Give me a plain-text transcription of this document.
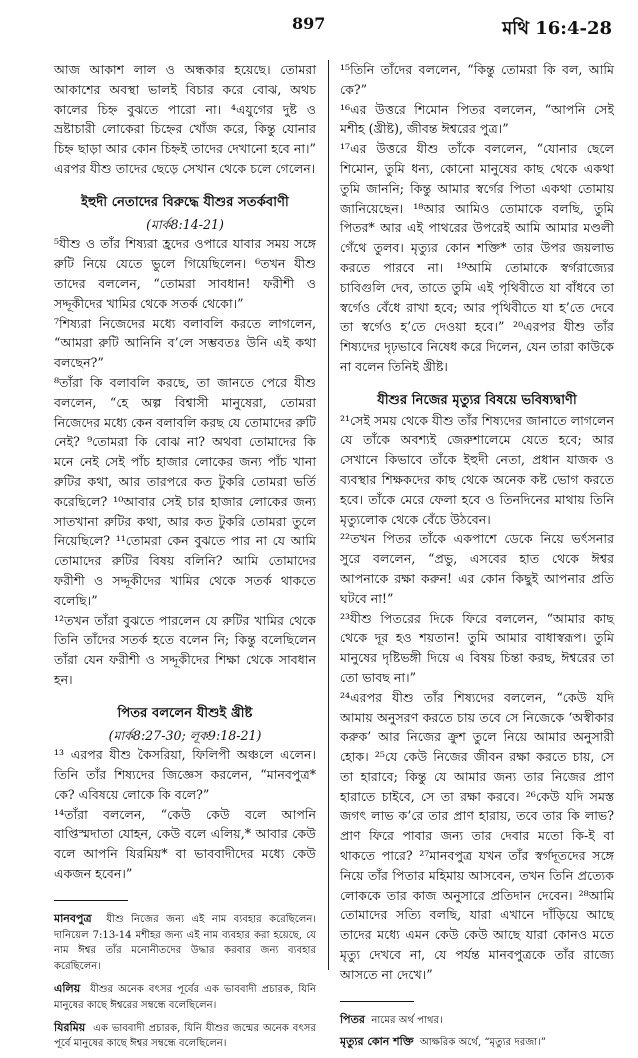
897	মথি 16:4-28

আজ আকাশ লাল ও অন্ধকার হয়েছে। তোমরা আকাশের অবস্থা ভালই বিচার করে বোঝ, অথচ কালের চিহ্ন বুঝতে পারো না। ⁴এযুগের দুষ্ট ও ভ্রষ্টাচারী লোকেরা চিহ্নের খোঁজ করে, কিন্তু যোনার চিহ্ন ছাড়া আর কোন চিহ্নই তাদের দেখানো হবে না।” এরপর যীশু তাদের ছেড়ে সেখান থেকে চলে গেলেন।

ইহুদী নেতাদের বিরুদ্ধে যীশুর সতর্কবাণী

(মার্ক8:14-21)

⁵যীশু ও তাঁর শিষ্যরা হ্রদের ওপারে যাবার সময় সঙ্গে রুটি নিয়ে যেতে ভুলে গিয়েছিলেন। ⁶তখন যীশু তাদের বললেন, “তোমরা সাবধান! ফরীশী ও সদ্দূকীদের খামির থেকে সতর্ক থেকো।”

⁷শিষ্যরা নিজেদের মধ্যে বলাবলি করতে লাগলেন, “আমরা রুটি আনিনি ব’লে সম্ভবতঃ উনি এই কথা বলছেন?”

⁸তাঁরা কি বলাবলি করছে, তা জানতে পেরে যীশু বললেন, “হে অল্প বিশ্বাসী মানুষেরা, তোমরা নিজেদের মধ্যে কেন বলাবলি করছ যে তোমাদের রুটি নেই? ⁹তোমরা কি বোঝ না? অথবা তোমাদের কি মনে নেই সেই পাঁচ হাজার লোকের জন্য পাঁচ খানা রুটির কথা, আর তারপরে কত টুকরি তোমরা ভর্তি করেছিলে? ¹⁰আবার সেই চার হাজার লোকের জন্য সাতখানা রুটির কথা, আর কত টুকরি তোমরা তুলে নিয়েছিলে? ¹¹তোমরা কেন বুঝতে পার না যে আমি তোমাদের রুটির বিষয় বলিনি? আমি তোমাদের ফরীশী ও সদ্দূকীদের খামির থেকে সতর্ক থাকতে বলেছি।”

¹²তখন তাঁরা বুঝতে পারলেন যে রুটির খামির থেকে তিনি তাঁদের সতর্ক হতে বলেন নি; কিন্তু বলেছিলেন তাঁরা যেন ফরীশী ও সদ্দূকীদের শিক্ষা থেকে সাবধান হন।

পিতর বললেন যীশুই খ্রীষ্ট

(মার্ক8:27-30; লূক9:18-21)

¹³ এরপর যীশু কৈসরিয়া, ফিলিপী অঞ্চলে এলেন। তিনি তাঁর শিষ্যদের জিজ্ঞেস করলেন, “মানবপুত্র* কে? এবিষয়ে লোকে কি বলে?”

¹⁴তাঁরা বললেন, “কেউ কেউ বলে আপনি বাপ্তিস্মদাতা যোহন, কেউ বলে এলিয়,* আবার কেউ বলে আপনি যিরমিয়* বা ভাববাদীদের মধ্যে কেউ একজন হবেন।”

মানবপুত্র যীশু নিজের জন্য এই নাম ব্যবহার করেছিলেন। দানিয়েল 7:13-14 মশীহর জন্য এই নাম ব্যবহার করা হয়েছে, যে নাম ঈশ্বর তাঁর মনোনীতদের উদ্ধার করবার জন্য ব্যবহার করেছিলেন।

এলিয় যীশুর অনেক বৎসর পূর্বের এক ভাববাদী প্রচারক, যিনি মানুষের কাছে ঈশ্বরের সম্বন্ধে বলেছিলেন।

যিরমিয় এক ভাববাদী প্রচারক, যিনি যীশুর জন্মের অনেক বৎসর পূর্বে মানুষের কাছে ঈশ্বর সম্বন্ধে বলেছিলেন।

¹⁵তিনি তাঁদের বললেন, “কিন্তু তোমরা কি বল, আমি কে?”

¹⁶এর উত্তরে শিমোন পিতর বললেন, “আপনি সেই মশীহ (খ্রীষ্ট), জীবন্ত ঈশ্বরের পুত্র।”

¹⁷এর উত্তরে যীশু তাঁকে বললেন, “যোনার ছেলে শিমোন, তুমি ধন্য, কোনো মানুষের কাছ থেকে একথা তুমি জাননি; কিন্তু আমার স্বর্গের পিতা একথা তোমায় জানিয়েছেন। ¹⁸আর আমিও তোমাকে বলছি, তুমি পিতর* আর এই পাথরের উপরেই আমি আমার মণ্ডলী গেঁথে তুলব। মৃত্যুর কোন শক্তি* তার উপর জয়লাভ করতে পারবে না। ¹⁹আমি তোমাকে স্বর্গরাজ্যের চাবিগুলি দেব, তাতে তুমি এই পৃথিবীতে যা বাঁধবে তা স্বর্গেও বেঁধে রাখা হবে; আর পৃথিবীতে যা হ’তে দেবে তা স্বর্গেও হ’তে দেওয়া হবে।” ²⁰এরপর যীশু তাঁর শিষ্যদের দৃঢ়ভাবে নিষেধ করে দিলেন, যেন তারা কাউকে না বলেন তিনিই খ্রীষ্ট।

যীশুর নিজের মৃত্যুর বিষয়ে ভবিষ্যদ্বাণী

²¹সেই সময় থেকে যীশু তাঁর শিষ্যদের জানাতে লাগলেন যে তাঁকে অবশ্যই জেরুশালেমে যেতে হবে; আর সেখানে কিভাবে তাঁকে ইহুদী নেতা, প্রধান যাজক ও ব্যবস্থার শিক্ষকদের কাছ থেকে অনেক কষ্ট ভোগ করতে হবে। তাঁকে মেরে ফেলা হবে ও তিনদিনের মাথায় তিনি মৃত্যুলোক থেকে বেঁচে উঠবেন।

²²তখন পিতর তাঁকে একপাশে ডেকে নিয়ে ভর্ৎসনার সুরে বললেন, “প্রভু, এসবের হাত থেকে ঈশ্বর আপনাকে রক্ষা করুন! এর কোন কিছুই আপনার প্রতি ঘটবে না!”

²³যীশু পিতরের দিকে ফিরে বললেন, “আমার কাছ থেকে দূর হও শয়তান! তুমি আমার বাধাস্বরূপ। তুমি মানুষের দৃষ্টিভঙ্গী দিয়ে এ বিষয় চিন্তা করছ, ঈশ্বরের তা তো ভাবছ না।”

²⁴এরপর যীশু তাঁর শিষ্যদের বললেন, “কেউ যদি আমায় অনুসরণ করতে চায় তবে সে নিজেকে ‘অস্বীকার করুক’ আর নিজের ক্রুশ তুলে নিয়ে আমার অনুসারী হোক। ²⁵যে কেউ নিজের জীবন রক্ষা করতে চায়, সে তা হারাবে; কিন্তু যে আমার জন্য তার নিজের প্রাণ হারাতে চাইবে, সে তা রক্ষা করবে। ²⁶কেউ যদি সমস্ত জগৎ লাভ ক’রে তার প্রাণ হারায়, তবে তার কি লাভ? প্রাণ ফিরে পাবার জন্য তার দেবার মতো কি-ই বা থাকতে পারে? ²⁷মানবপুত্র যখন তাঁর স্বর্গদূতদের সঙ্গে নিয়ে তাঁর পিতার মহিমায় আসবেন, তখন তিনি প্রত্যেক লোককে তার কাজ অনুসারে প্রতিদান দেবেন। ²⁸আমি তোমাদের সত্যি বলছি, যারা এখানে দাঁড়িয়ে আছে তাদের মধ্যে এমন কেউ কেউ আছে যারা কোনও মতে মৃত্যু দেখবে না, যে পর্যন্ত মানবপুত্রকে তাঁর রাজ্যে আসতে না দেখে।”

পিতর নামের অর্থ পাথর।

মৃত্যুর কোন শক্তি আক্ষরিক অর্থে, “মৃত্যুর দরজা।”
